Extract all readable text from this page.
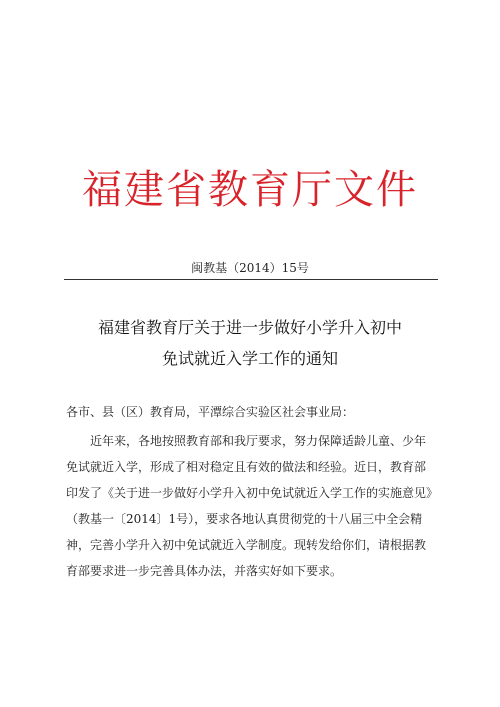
福建省教育厅文件
闽教基（2014）15号
福建省教育厅关于进一步做好小学升入初中
免试就近入学工作的通知
各市、县（区）教育局，平潭综合实验区社会事业局：
近年来，各地按照教育部和我厅要求，努力保障适龄儿童、少年
免试就近入学，形成了相对稳定且有效的做法和经验。近日，教育部
印发了《关于进一步做好小学升入初中免试就近入学工作的实施意见》
（教基一〔2014〕1号），要求各地认真贯彻党的十八届三中全会精
神，完善小学升入初中免试就近入学制度。现转发给你们，请根据教
育部要求进一步完善具体办法，并落实好如下要求。
